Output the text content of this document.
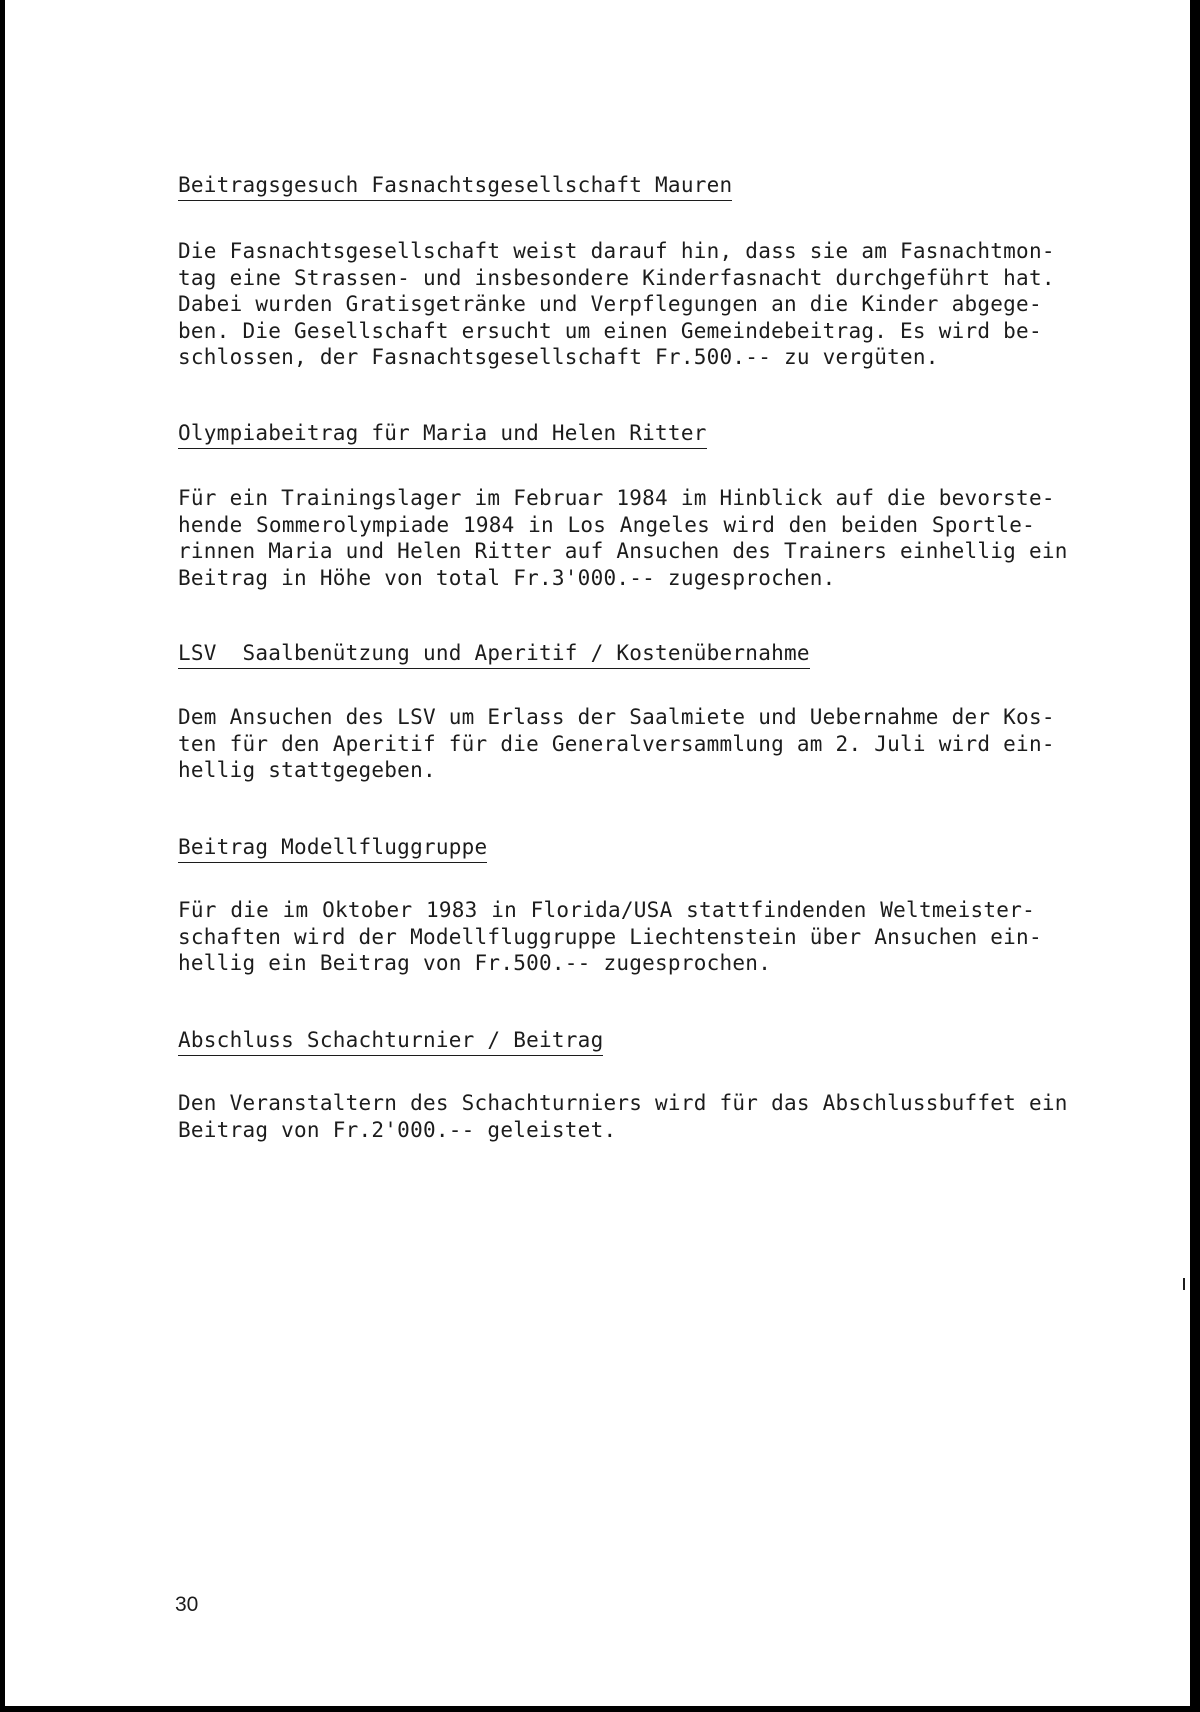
Beitragsgesuch Fasnachtsgesellschaft Mauren
Die Fasnachtsgesellschaft weist darauf hin, dass sie am Fasnachtmon-
tag eine Strassen- und insbesondere Kinderfasnacht durchgeführt hat.
Dabei wurden Gratisgetränke und Verpflegungen an die Kinder abgege-
ben. Die Gesellschaft ersucht um einen Gemeindebeitrag. Es wird be-
schlossen, der Fasnachtsgesellschaft Fr.500.-- zu vergüten.
Olympiabeitrag für Maria und Helen Ritter
Für ein Trainingslager im Februar 1984 im Hinblick auf die bevorste-
hende Sommerolympiade 1984 in Los Angeles wird den beiden Sportle-
rinnen Maria und Helen Ritter auf Ansuchen des Trainers einhellig ein
Beitrag in Höhe von total Fr.3'000.-- zugesprochen.
LSV  Saalbenützung und Aperitif / Kostenübernahme
Dem Ansuchen des LSV um Erlass der Saalmiete und Uebernahme der Kos-
ten für den Aperitif für die Generalversammlung am 2. Juli wird ein-
hellig stattgegeben.
Beitrag Modellfluggruppe
Für die im Oktober 1983 in Florida/USA stattfindenden Weltmeister-
schaften wird der Modellfluggruppe Liechtenstein über Ansuchen ein-
hellig ein Beitrag von Fr.500.-- zugesprochen.
Abschluss Schachturnier / Beitrag
Den Veranstaltern des Schachturniers wird für das Abschlussbuffet ein
Beitrag von Fr.2'000.-- geleistet.
30
